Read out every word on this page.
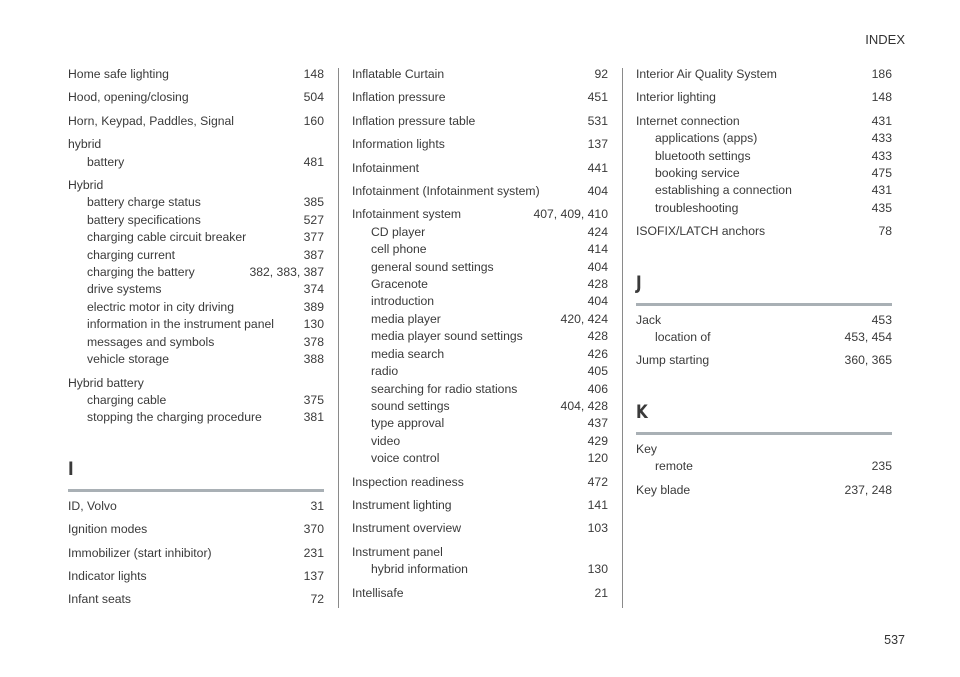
INDEX
Home safe lighting	148
Hood, opening/closing	504
Horn, Keypad, Paddles, Signal	160
hybrid
battery	481
Hybrid
battery charge status	385
battery specifications	527
charging cable circuit breaker	377
charging current	387
charging the battery	382, 383, 387
drive systems	374
electric motor in city driving	389
information in the instrument panel	130
messages and symbols	378
vehicle storage	388
Hybrid battery
charging cable	375
stopping the charging procedure	381
I
ID, Volvo	31
Ignition modes	370
Immobilizer (start inhibitor)	231
Indicator lights	137
Infant seats	72
Inflatable Curtain	92
Inflation pressure	451
Inflation pressure table	531
Information lights	137
Infotainment	441
Infotainment (Infotainment system)	404
Infotainment system	407, 409, 410
CD player	424
cell phone	414
general sound settings	404
Gracenote	428
introduction	404
media player	420, 424
media player sound settings	428
media search	426
radio	405
searching for radio stations	406
sound settings	404, 428
type approval	437
video	429
voice control	120
Inspection readiness	472
Instrument lighting	141
Instrument overview	103
Instrument panel
hybrid information	130
Intellisafe	21
Interior Air Quality System	186
Interior lighting	148
Internet connection	431
applications (apps)	433
bluetooth settings	433
booking service	475
establishing a connection	431
troubleshooting	435
ISOFIX/LATCH anchors	78
J
Jack	453
location of	453, 454
Jump starting	360, 365
K
Key
remote	235
Key blade	237, 248
537
